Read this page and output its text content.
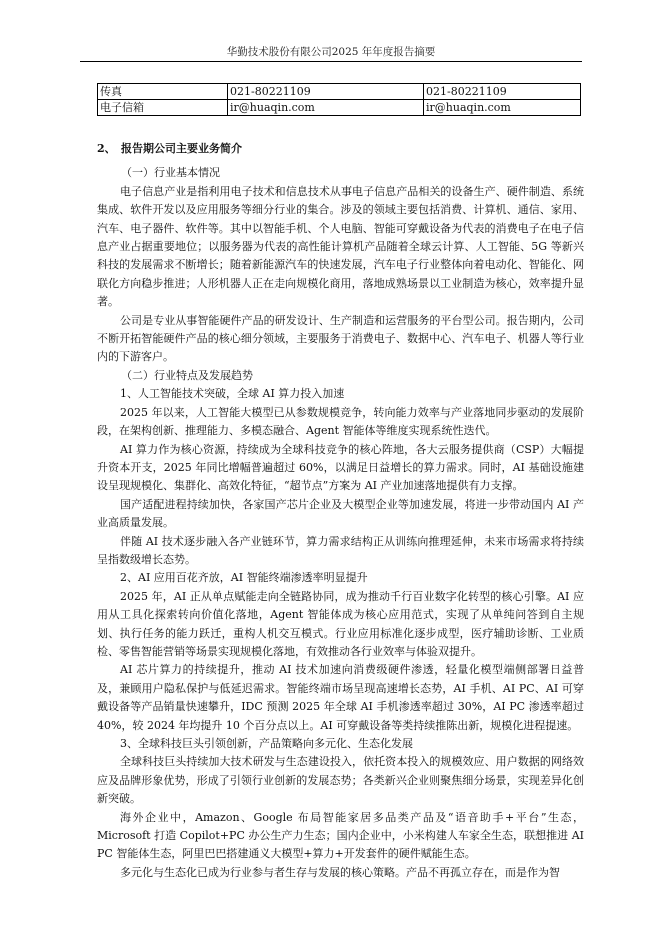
华勤技术股份有限公司2025 年年度报告摘要
传真	021-80221109	021-80221109
电子信箱	ir@huaqin.com	ir@huaqin.com

2、 报告期公司主要业务简介

（一）行业基本情况

电子信息产业是指利用电子技术和信息技术从事电子信息产品相关的设备生产、硬件制造、系统集成、软件开发以及应用服务等细分行业的集合。涉及的领域主要包括消费、计算机、通信、家用、汽车、电子器件、软件等。其中以智能手机、个人电脑、智能可穿戴设备为代表的消费电子在电子信息产业占据重要地位；以服务器为代表的高性能计算机产品随着全球云计算、人工智能、5G 等新兴科技的发展需求不断增长；随着新能源汽车的快速发展，汽车电子行业整体向着电动化、智能化、网联化方向稳步推进；人形机器人正在走向规模化商用，落地成熟场景以工业制造为核心，效率提升显著。

公司是专业从事智能硬件产品的研发设计、生产制造和运营服务的平台型公司。报告期内，公司不断开拓智能硬件产品的核心细分领域，主要服务于消费电子、数据中心、汽车电子、机器人等行业内的下游客户。

（二）行业特点及发展趋势

1、人工智能技术突破，全球 AI 算力投入加速

2025 年以来，人工智能大模型已从参数规模竞争，转向能力效率与产业落地同步驱动的发展阶段，在架构创新、推理能力、多模态融合、Agent 智能体等维度实现系统性迭代。

AI 算力作为核心资源，持续成为全球科技竞争的核心阵地，各大云服务提供商（CSP）大幅提升资本开支，2025 年同比增幅普遍超过 60%，以满足日益增长的算力需求。同时，AI 基础设施建设呈现规模化、集群化、高效化特征，“超节点”方案为 AI 产业加速落地提供有力支撑。

国产适配进程持续加快，各家国产芯片企业及大模型企业等加速发展，将进一步带动国内 AI 产业高质量发展。

伴随 AI 技术逐步融入各产业链环节，算力需求结构正从训练向推理延伸，未来市场需求将持续呈指数级增长态势。

2、AI 应用百花齐放，AI 智能终端渗透率明显提升

2025 年，AI 正从单点赋能走向全链路协同，成为推动千行百业数字化转型的核心引擎。AI 应用从工具化探索转向价值化落地，Agent 智能体成为核心应用范式，实现了从单纯问答到自主规划、执行任务的能力跃迁，重构人机交互模式。行业应用标准化逐步成型，医疗辅助诊断、工业质检、零售智能营销等场景实现规模化落地，有效推动各行业效率与体验双提升。

AI 芯片算力的持续提升，推动 AI 技术加速向消费级硬件渗透，轻量化模型端侧部署日益普及，兼顾用户隐私保护与低延迟需求。智能终端市场呈现高速增长态势，AI 手机、AI PC、AI 可穿戴设备等产品销量快速攀升，IDC 预测 2025 年全球 AI 手机渗透率超过 30%，AI PC 渗透率超过 40%，较 2024 年均提升 10 个百分点以上。AI 可穿戴设备等类持续推陈出新，规模化进程提速。

3、全球科技巨头引领创新，产品策略向多元化、生态化发展

全球科技巨头持续加大技术研发与生态建设投入，依托资本投入的规模效应、用户数据的网络效应及品牌形象优势，形成了引领行业创新的发展态势；各类新兴企业则聚焦细分场景，实现差异化创新突破。

海外企业中，Amazon、Google 布局智能家居多品类产品及“语音助手+平台”生态，Microsoft 打造 Copilot+PC 办公生产力生态；国内企业中，小米构建人车家全生态，联想推进 AI PC 智能体生态，阿里巴巴搭建通义大模型+算力+开发套件的硬件赋能生态。

多元化与生态化已成为行业参与者生存与发展的核心策略。产品不再孤立存在，而是作为智
